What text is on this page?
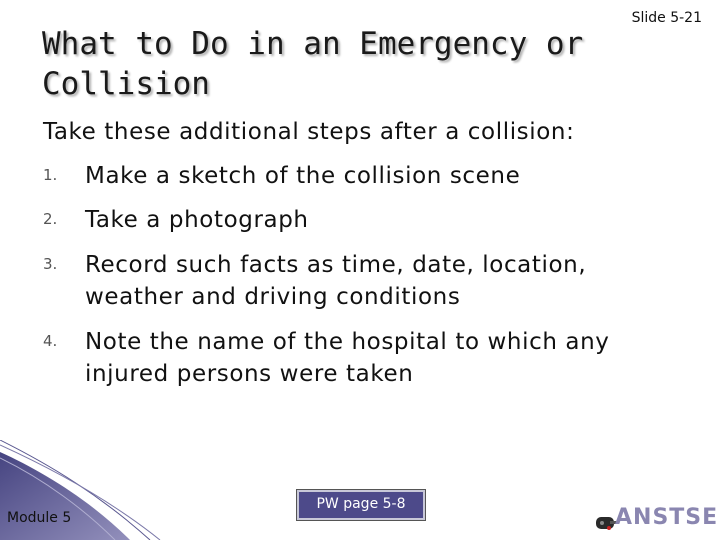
What to Do in an Emergency or Collision
Slide 5-21
Take these additional steps after a collision:
1. Make a sketch of the collision scene
2. Take a photograph
3. Record such facts as time, date, location, weather and driving conditions
4. Note the name of the hospital to which any injured persons were taken
Module 5
PW page 5-8
ANSTSE
